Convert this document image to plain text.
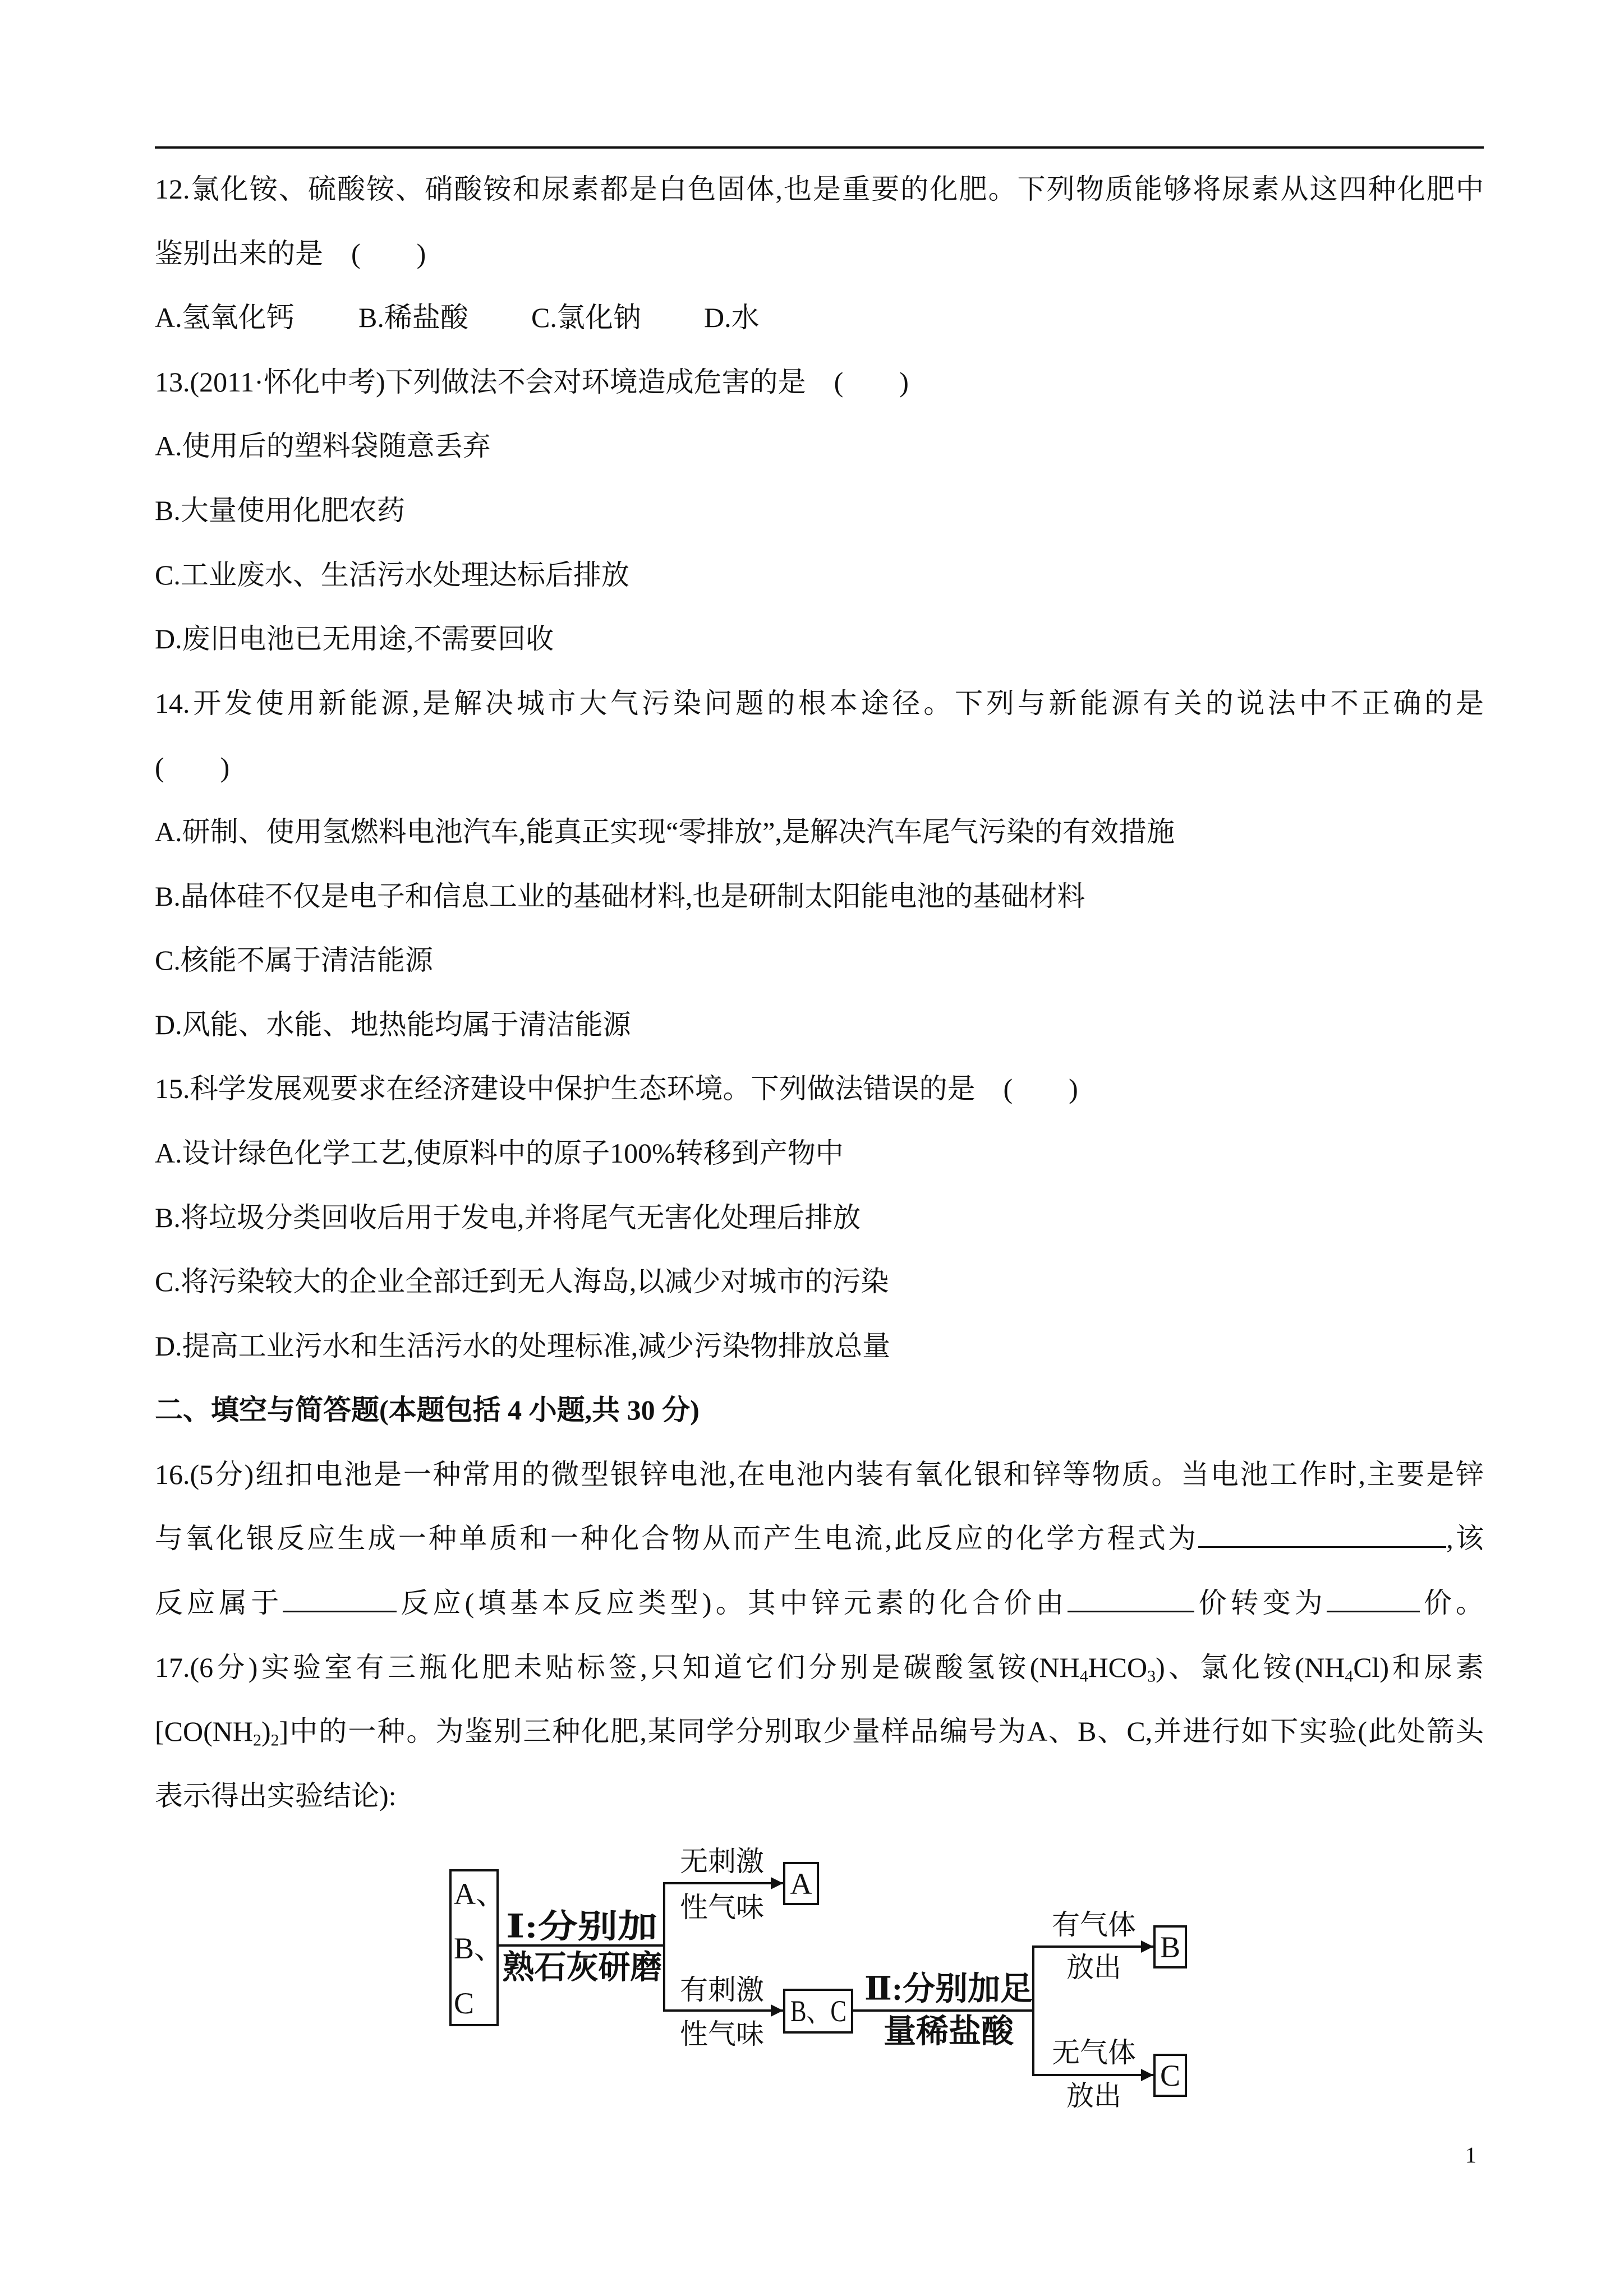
12.氯化铵、硫酸铵、硝酸铵和尿素都是白色固体,也是重要的化肥。下列物质能够将尿素从这四种化肥中
鉴别出来的是　(　　)
A.氢氧化钙 B.稀盐酸 C.氯化钠 D.水
13.(2011·怀化中考)下列做法不会对环境造成危害的是　(　　)
A.使用后的塑料袋随意丢弃
B.大量使用化肥农药
C.工业废水、生活污水处理达标后排放
D.废旧电池已无用途,不需要回收
14.开发使用新能源,是解决城市大气污染问题的根本途径。下列与新能源有关的说法中不正确的是
(　　)
A.研制、使用氢燃料电池汽车,能真正实现“零排放”,是解决汽车尾气污染的有效措施
B.晶体硅不仅是电子和信息工业的基础材料,也是研制太阳能电池的基础材料
C.核能不属于清洁能源
D.风能、水能、地热能均属于清洁能源
15.科学发展观要求在经济建设中保护生态环境。下列做法错误的是　(　　)
A.设计绿色化学工艺,使原料中的原子100%转移到产物中
B.将垃圾分类回收后用于发电,并将尾气无害化处理后排放
C.将污染较大的企业全部迁到无人海岛,以减少对城市的污染
D.提高工业污水和生活污水的处理标准,减少污染物排放总量
二、填空与简答题(本题包括 4 小题,共 30 分)
16.(5分)纽扣电池是一种常用的微型银锌电池,在电池内装有氧化银和锌等物质。当电池工作时,主要是锌
与氧化银反应生成一种单质和一种化合物从而产生电流,此反应的化学方程式为	,该
反应属于	反应(填基本反应类型)。其中锌元素的化合价由	价转变为	价。
17.(6分)实验室有三瓶化肥未贴标签,只知道它们分别是碳酸氢铵$(NH_4HCO_3)$、氯化铵$(NH_4Cl)$和尿素
$[CO(NH_2)_2]$中的一种。为鉴别三种化肥,某同学分别取少量样品编号为A、B、C,并进行如下实验(此处箭头
表示得出实验结论):
A、
B、
C
Ⅰ:分别加
熟石灰研磨
无刺激
性气味
A
有刺激
性气味
B、C
Ⅱ:分别加足
量稀盐酸
有气体
放出
B
无气体
放出
C
1
